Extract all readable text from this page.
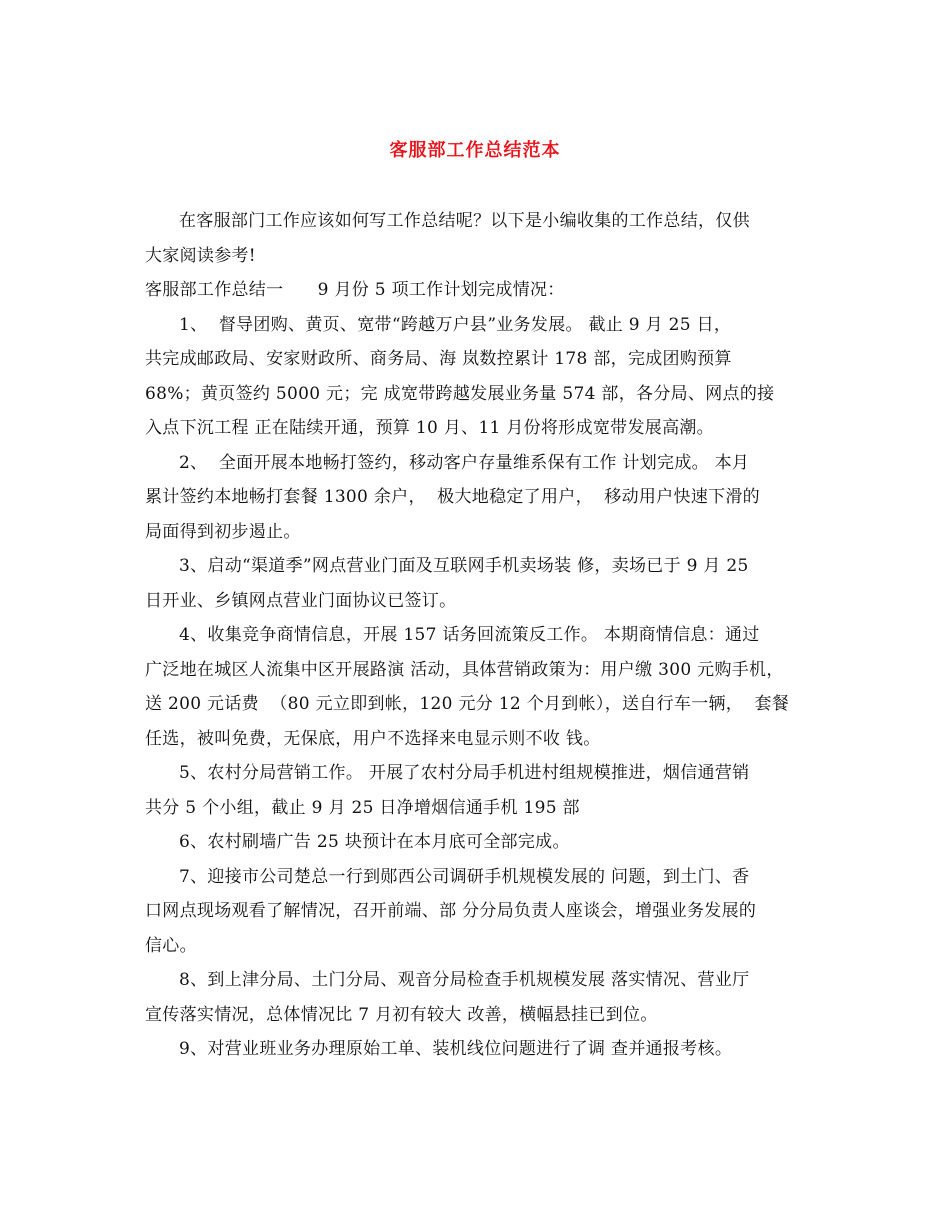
客服部工作总结范本

在客服部门工作应该如何写工作总结呢？以下是小编收集的工作总结，仅供
大家阅读参考!

客服部工作总结一      9 月份 5 项工作计划完成情况：

1、  督导团购、黄页、宽带“跨越万户县”业务发展。 截止 9 月 25 日，
共完成邮政局、安家财政所、商务局、海 岚数控累计 178 部，完成团购预算
68%；黄页签约 5000 元；完 成宽带跨越发展业务量 574 部，各分局、网点的接
入点下沉工程 正在陆续开通，预算 10 月、11 月份将形成宽带发展高潮。

2、  全面开展本地畅打签约，移动客户存量维系保有工作 计划完成。 本月
累计签约本地畅打套餐 1300 余户，  极大地稳定了用户，  移动用户快速下滑的
局面得到初步遏止。

3、启动“渠道季”网点营业门面及互联网手机卖场装 修，卖场已于 9 月 25
日开业、乡镇网点营业门面协议已签订。

4、收集竞争商情信息，开展 157 话务回流策反工作。 本期商情信息：通过
广泛地在城区人流集中区开展路演 活动，具体营销政策为：用户缴 300 元购手机，
送 200 元话费  （80 元立即到帐，120 元分 12 个月到帐），送自行车一辆，  套餐
任选，被叫免费，无保底，用户不选择来电显示则不收 钱。

5、农村分局营销工作。 开展了农村分局手机进村组规模推进，烟信通营销
共分 5 个小组，截止 9 月 25 日净增烟信通手机 195 部

6、农村刷墙广告 25 块预计在本月底可全部完成。

7、迎接市公司楚总一行到郧西公司调研手机规模发展的 问题，到土门、香
口网点现场观看了解情况，召开前端、部 分分局负责人座谈会，增强业务发展的
信心。

8、到上津分局、土门分局、观音分局检查手机规模发展 落实情况、营业厅
宣传落实情况，总体情况比 7 月初有较大 改善，横幅悬挂已到位。

9、对营业班业务办理原始工单、装机线位问题进行了调 查并通报考核。
